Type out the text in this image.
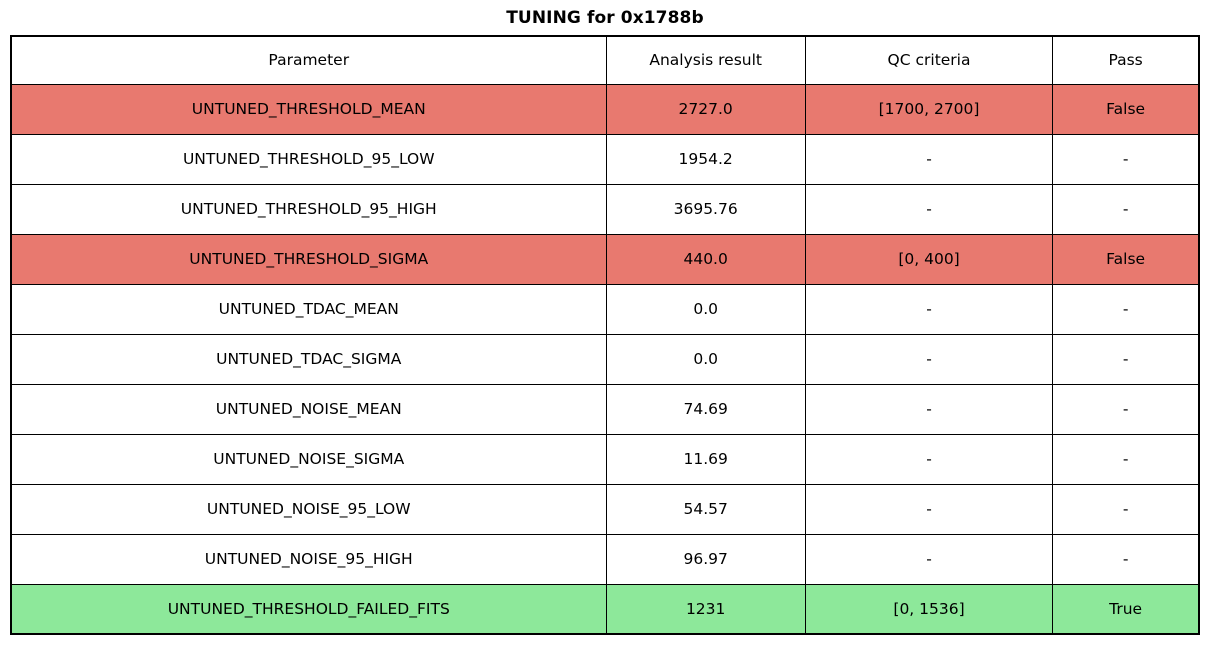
TUNING for 0x1788b
Parameter	Analysis result	QC criteria	Pass
UNTUNED_THRESHOLD_MEAN	2727.0	[1700, 2700]	False
UNTUNED_THRESHOLD_95_LOW	1954.2	-	-
UNTUNED_THRESHOLD_95_HIGH	3695.76	-	-
UNTUNED_THRESHOLD_SIGMA	440.0	[0, 400]	False
UNTUNED_TDAC_MEAN	0.0	-	-
UNTUNED_TDAC_SIGMA	0.0	-	-
UNTUNED_NOISE_MEAN	74.69	-	-
UNTUNED_NOISE_SIGMA	11.69	-	-
UNTUNED_NOISE_95_LOW	54.57	-	-
UNTUNED_NOISE_95_HIGH	96.97	-	-
UNTUNED_THRESHOLD_FAILED_FITS	1231	[0, 1536]	True
